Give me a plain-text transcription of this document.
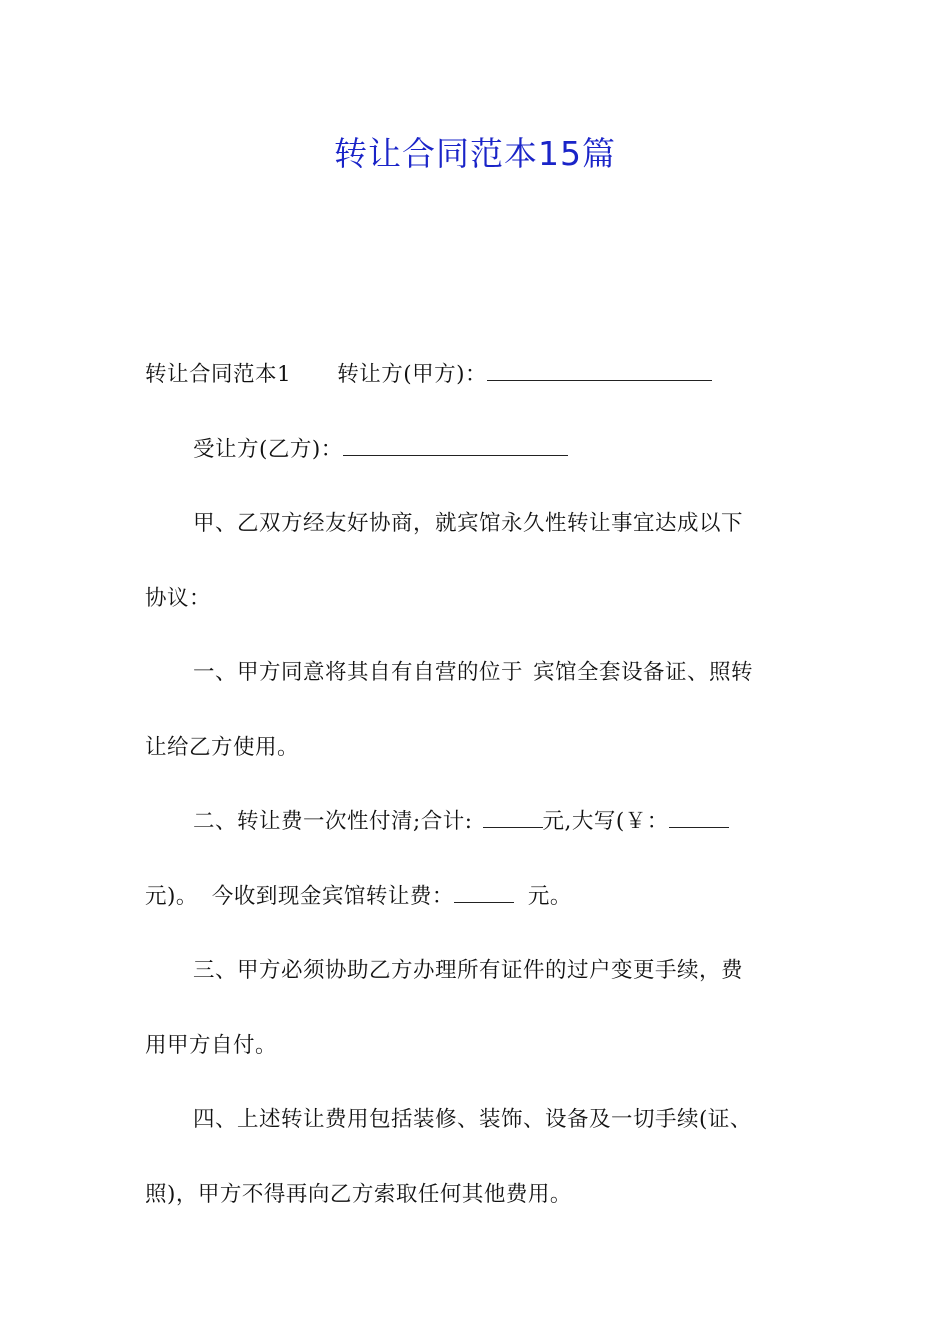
转让合同范本15篇

转让合同范本1 转让方(甲方)：

受让方(乙方)：

甲、乙双方经友好协商，就宾馆永久性转让事宜达成以下

协议：

一、甲方同意将其自有自营的位于 宾馆全套设备证、照转

让给乙方使用。

二、转让费一次性付清;合计:	元,大写(￥：

元)。 今收到现金宾馆转让费：	元。

三、甲方必须协助乙方办理所有证件的过户变更手续，费

用甲方自付。

四、上述转让费用包括装修、装饰、设备及一切手续(证、

照)，甲方不得再向乙方索取任何其他费用。
